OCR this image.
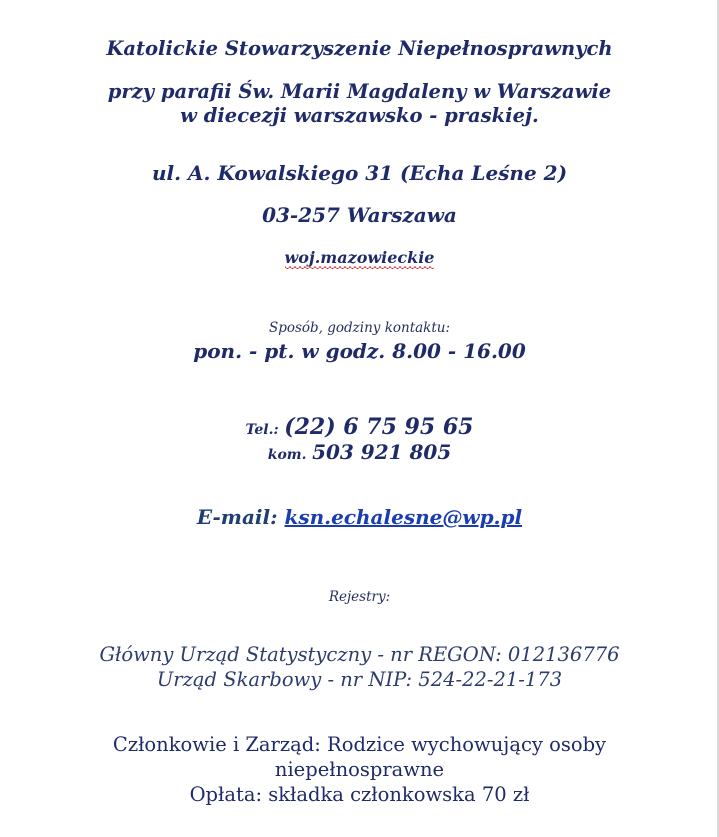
Katolickie Stowarzyszenie Niepełnosprawnych

przy parafii Św. Marii Magdaleny w Warszawie

w diecezji warszawsko - praskiej.

ul. A. Kowalskiego 31 (Echa Leśne 2)

03-257 Warszawa

woj.mazowieckie

Sposób, godziny kontaktu:

pon. - pt. w godz. 8.00 - 16.00

Tel.: (22) 6 75 95 65

kom. 503 921 805

E-mail: ksn.echalesne@wp.pl

Rejestry:

Główny Urząd Statystyczny - nr REGON: 012136776

Urząd Skarbowy - nr NIP: 524-22-21-173

Członkowie i Zarząd: Rodzice wychowujący osoby

niepełnosprawne

Opłata: składka członkowska 70 zł
